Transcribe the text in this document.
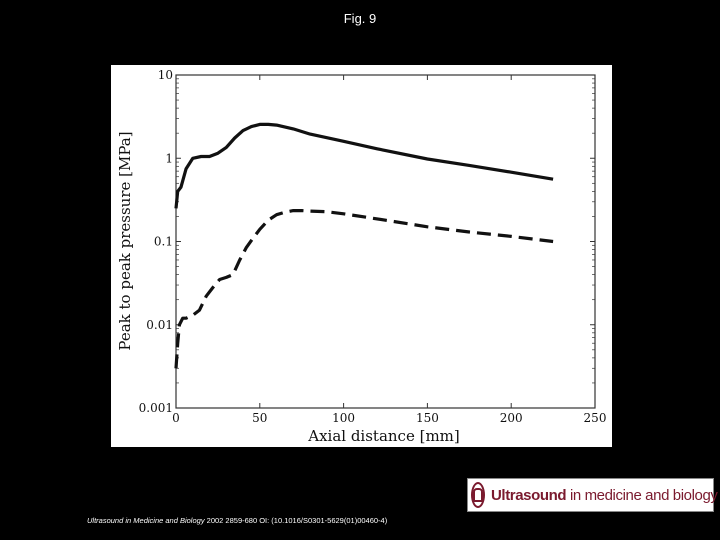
Fig. 9
0	50	100	150	200	250
0.001
0.01
0.1
1
10
Axial distance [mm]
Peak to peak pressure [MPa]
Ultrasound in medicine and biology
Ultrasound in Medicine and Biology 2002 2859-680 OI: (10.1016/S0301-5629(01)00460-4)
